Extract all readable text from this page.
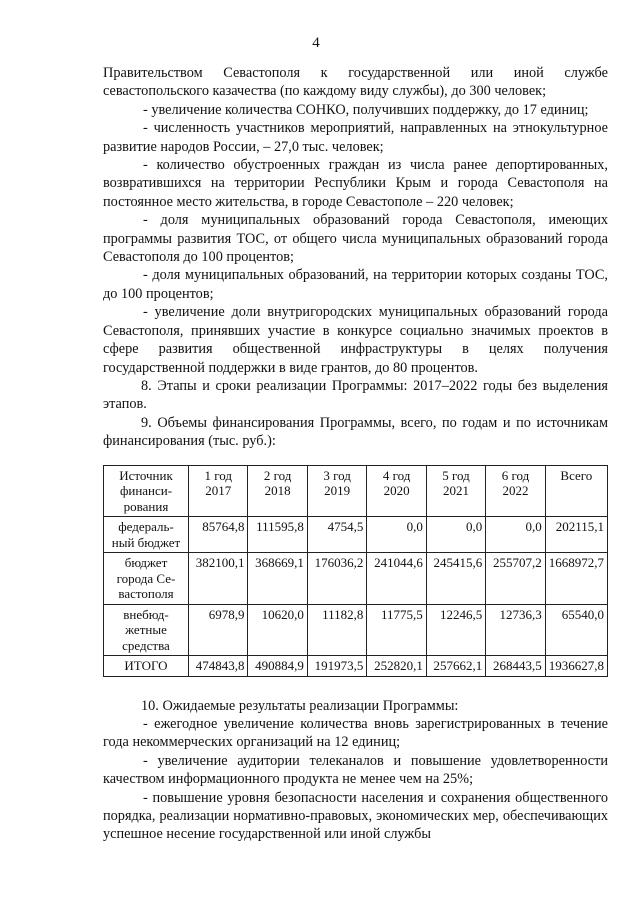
4

Правительством Севастополя к государственной или иной службе севастопольского казачества (по каждому виду службы), до 300 человек;

- увеличение количества СОНКО, получивших поддержку, до 17 единиц;

- численность участников мероприятий, направленных на этнокультурное развитие народов России, – 27,0 тыс. человек;

- количество обустроенных граждан из числа ранее депортированных, возвратившихся на территории Республики Крым и города Севастополя на постоянное место жительства, в городе Севастополе – 220 человек;

- доля муниципальных образований города Севастополя, имеющих программы развития ТОС, от общего числа муниципальных образований города Севастополя до 100 процентов;

- доля муниципальных образований, на территории которых созданы ТОС, до 100 процентов;

- увеличение доли внутригородских муниципальных образований города Севастополя, принявших участие в конкурсе социально значимых проектов в сфере развития общественной инфраструктуры в целях получения государственной поддержки в виде грантов, до 80 процентов.

8. Этапы и сроки реализации Программы: 2017–2022 годы без выделения этапов.

9. Объемы финансирования Программы, всего, по годам и по источникам финансирования (тыс. руб.):

Источник финанси-рования	1 год 2017	2 год 2018	3 год 2019	4 год 2020	5 год 2021	6 год 2022	Всего
федераль-ный бюджет	85764,8	111595,8	4754,5	0,0	0,0	0,0	202115,1
бюджет города Се-вастополя	382100,1	368669,1	176036,2	241044,6	245415,6	255707,2	1668972,7
внебюд-жетные средства	6978,9	10620,0	11182,8	11775,5	12246,5	12736,3	65540,0
ИТОГО	474843,8	490884,9	191973,5	252820,1	257662,1	268443,5	1936627,8

10. Ожидаемые результаты реализации Программы:

- ежегодное увеличение количества вновь зарегистрированных в течение года некоммерческих организаций на 12 единиц;

- увеличение аудитории телеканалов и повышение удовлетворенности качеством информационного продукта не менее чем на 25%;

- повышение уровня безопасности населения и сохранения общественного порядка, реализации нормативно-правовых, экономических мер, обеспечивающих успешное несение государственной или иной службы
